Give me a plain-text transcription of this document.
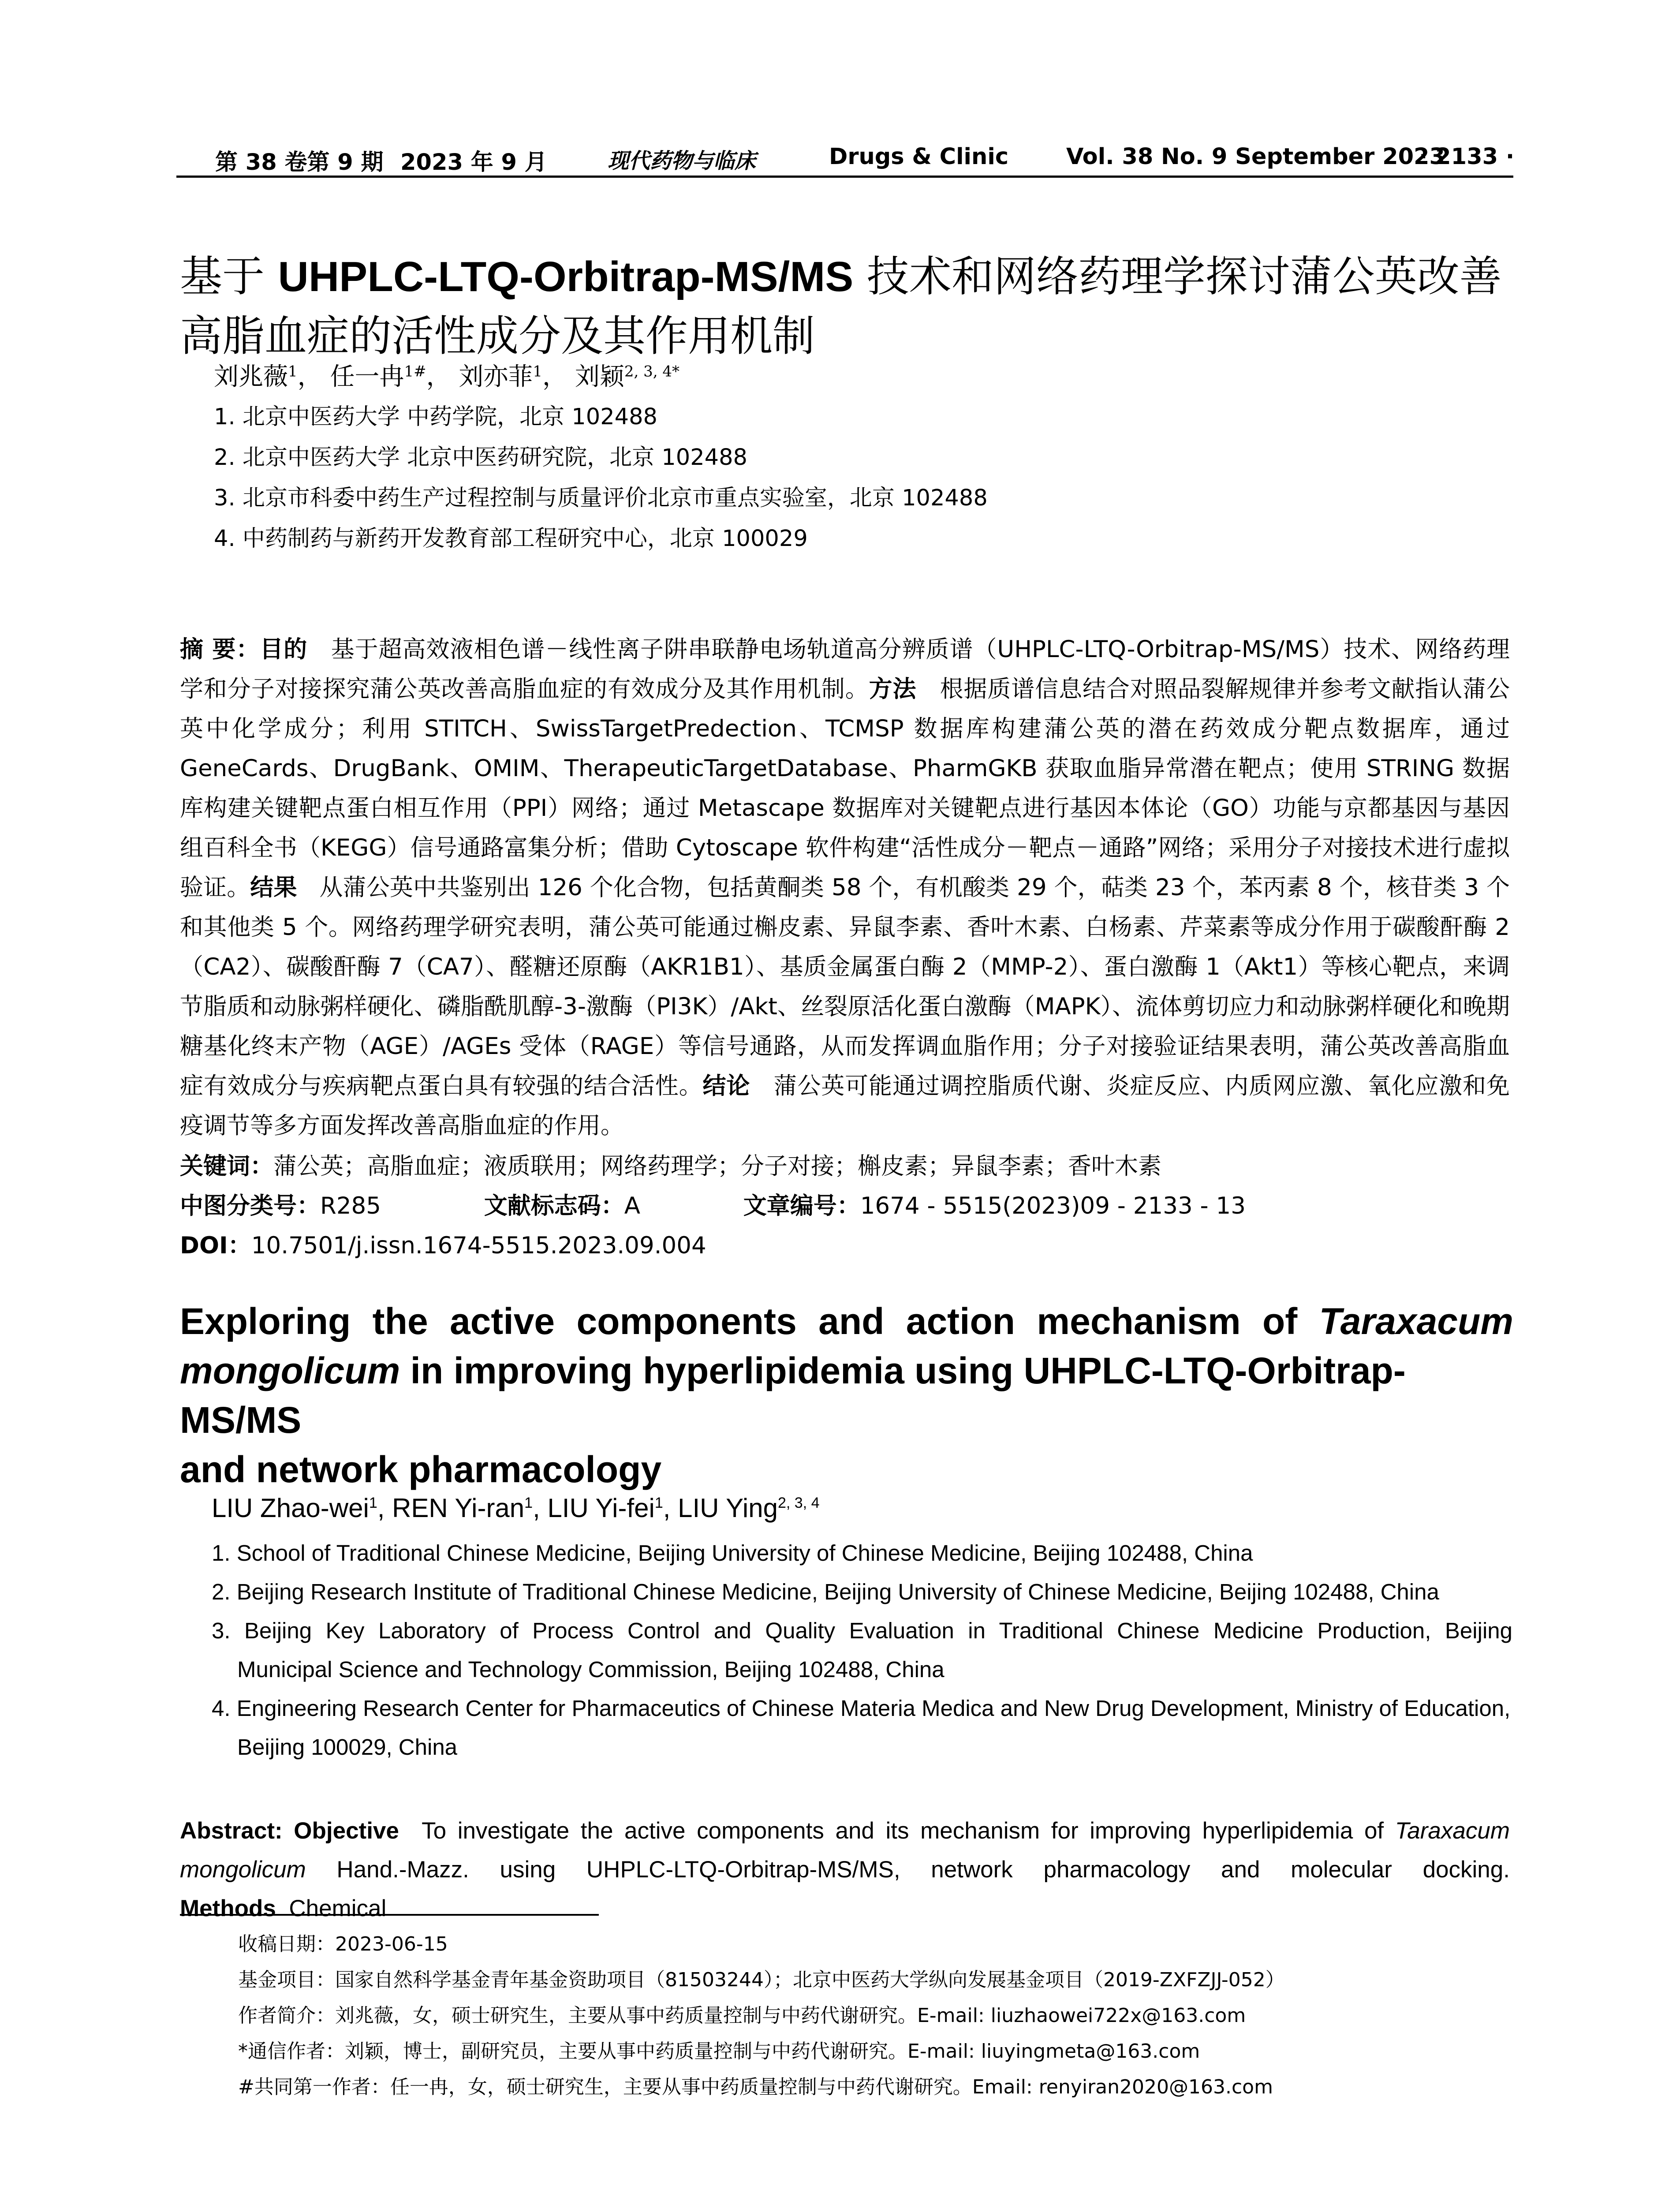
第 38 卷第 9 期 2023 年 9 月	现代药物与临床	Drugs & Clinic	Vol. 38 No. 9 September 2023
· 2133 ·
基于 UHPLC-LTQ-Orbitrap-MS/MS 技术和网络药理学探讨蒲公英改善
高脂血症的活性成分及其作用机制
刘兆薇$^1$， 任一冉$^{1\#}$， 刘亦菲$^1$， 刘颖$^{2, 3, 4*}$
1. 北京中医药大学 中药学院，北京 102488
2. 北京中医药大学 北京中医药研究院，北京 102488
3. 北京市科委中药生产过程控制与质量评价北京市重点实验室，北京 102488
4. 中药制药与新药开发教育部工程研究中心，北京 100029
摘 要：目的 基于超高效液相色谱－线性离子阱串联静电场轨道高分辨质谱（UHPLC-LTQ-Orbitrap-MS/MS）技术、网络药理学和分子对接探究蒲公英改善高脂血症的有效成分及其作用机制。方法 根据质谱信息结合对照品裂解规律并参考文献指认蒲公英中化学成分；利用 STITCH、SwissTargetPredection、TCMSP 数据库构建蒲公英的潜在药效成分靶点数据库，通过 GeneCards、DrugBank、OMIM、TherapeuticTargetDatabase、PharmGKB 获取血脂异常潜在靶点；使用 STRING 数据库构建关键靶点蛋白相互作用（PPI）网络；通过 Metascape 数据库对关键靶点进行基因本体论（GO）功能与京都基因与基因组百科全书（KEGG）信号通路富集分析；借助 Cytoscape 软件构建“活性成分－靶点－通路”网络；采用分子对接技术进行虚拟验证。结果 从蒲公英中共鉴别出 126 个化合物，包括黄酮类 58 个，有机酸类 29 个，萜类 23 个，苯丙素 8 个，核苷类 3 个和其他类 5 个。网络药理学研究表明，蒲公英可能通过槲皮素、异鼠李素、香叶木素、白杨素、芹菜素等成分作用于碳酸酐酶 2（CA2）、碳酸酐酶 7（CA7）、醛糖还原酶（AKR1B1）、基质金属蛋白酶 2（MMP-2）、蛋白激酶 1（Akt1）等核心靶点，来调节脂质和动脉粥样硬化、磷脂酰肌醇-3-激酶（PI3K）/Akt、丝裂原活化蛋白激酶（MAPK）、流体剪切应力和动脉粥样硬化和晚期糖基化终末产物（AGE）/AGEs 受体（RAGE）等信号通路，从而发挥调血脂作用；分子对接验证结果表明，蒲公英改善高脂血症有效成分与疾病靶点蛋白具有较强的结合活性。结论 蒲公英可能通过调控脂质代谢、炎症反应、内质网应激、氧化应激和免疫调节等多方面发挥改善高脂血症的作用。
关键词：蒲公英；高脂血症；液质联用；网络药理学；分子对接；槲皮素；异鼠李素；香叶木素
中图分类号：R285	文献标志码：A	文章编号：1674 - 5515(2023)09 - 2133 - 13
DOI：10.7501/j.issn.1674-5515.2023.09.004
Exploring the active components and action mechanism of Taraxacum
mongolicum in improving hyperlipidemia using UHPLC-LTQ-Orbitrap-MS/MS
and network pharmacology
LIU Zhao-wei$^1$, REN Yi-ran$^1$, LIU Yi-fei$^1$, LIU Ying$^{2, 3, 4}$
1. School of Traditional Chinese Medicine, Beijing University of Chinese Medicine, Beijing 102488, China
2. Beijing Research Institute of Traditional Chinese Medicine, Beijing University of Chinese Medicine, Beijing 102488, China
3. Beijing Key Laboratory of Process Control and Quality Evaluation in Traditional Chinese Medicine Production, Beijing
Municipal Science and Technology Commission, Beijing 102488, China
4. Engineering Research Center for Pharmaceutics of Chinese Materia Medica and New Drug Development, Ministry of Education,
Beijing 100029, China
Abstract: Objective To investigate the active components and its mechanism for improving hyperlipidemia of Taraxacum mongolicum Hand.-Mazz. using UHPLC-LTQ-Orbitrap-MS/MS, network pharmacology and molecular docking. Methods Chemical
收稿日期：2023-06-15
基金项目：国家自然科学基金青年基金资助项目（81503244）；北京中医药大学纵向发展基金项目（2019-ZXFZJJ-052）
作者简介：刘兆薇，女，硕士研究生，主要从事中药质量控制与中药代谢研究。E-mail: liuzhaowei722x@163.com
*通信作者：刘颖，博士，副研究员，主要从事中药质量控制与中药代谢研究。E-mail: liuyingmeta@163.com
#共同第一作者：任一冉，女，硕士研究生，主要从事中药质量控制与中药代谢研究。Email: renyiran2020@163.com
